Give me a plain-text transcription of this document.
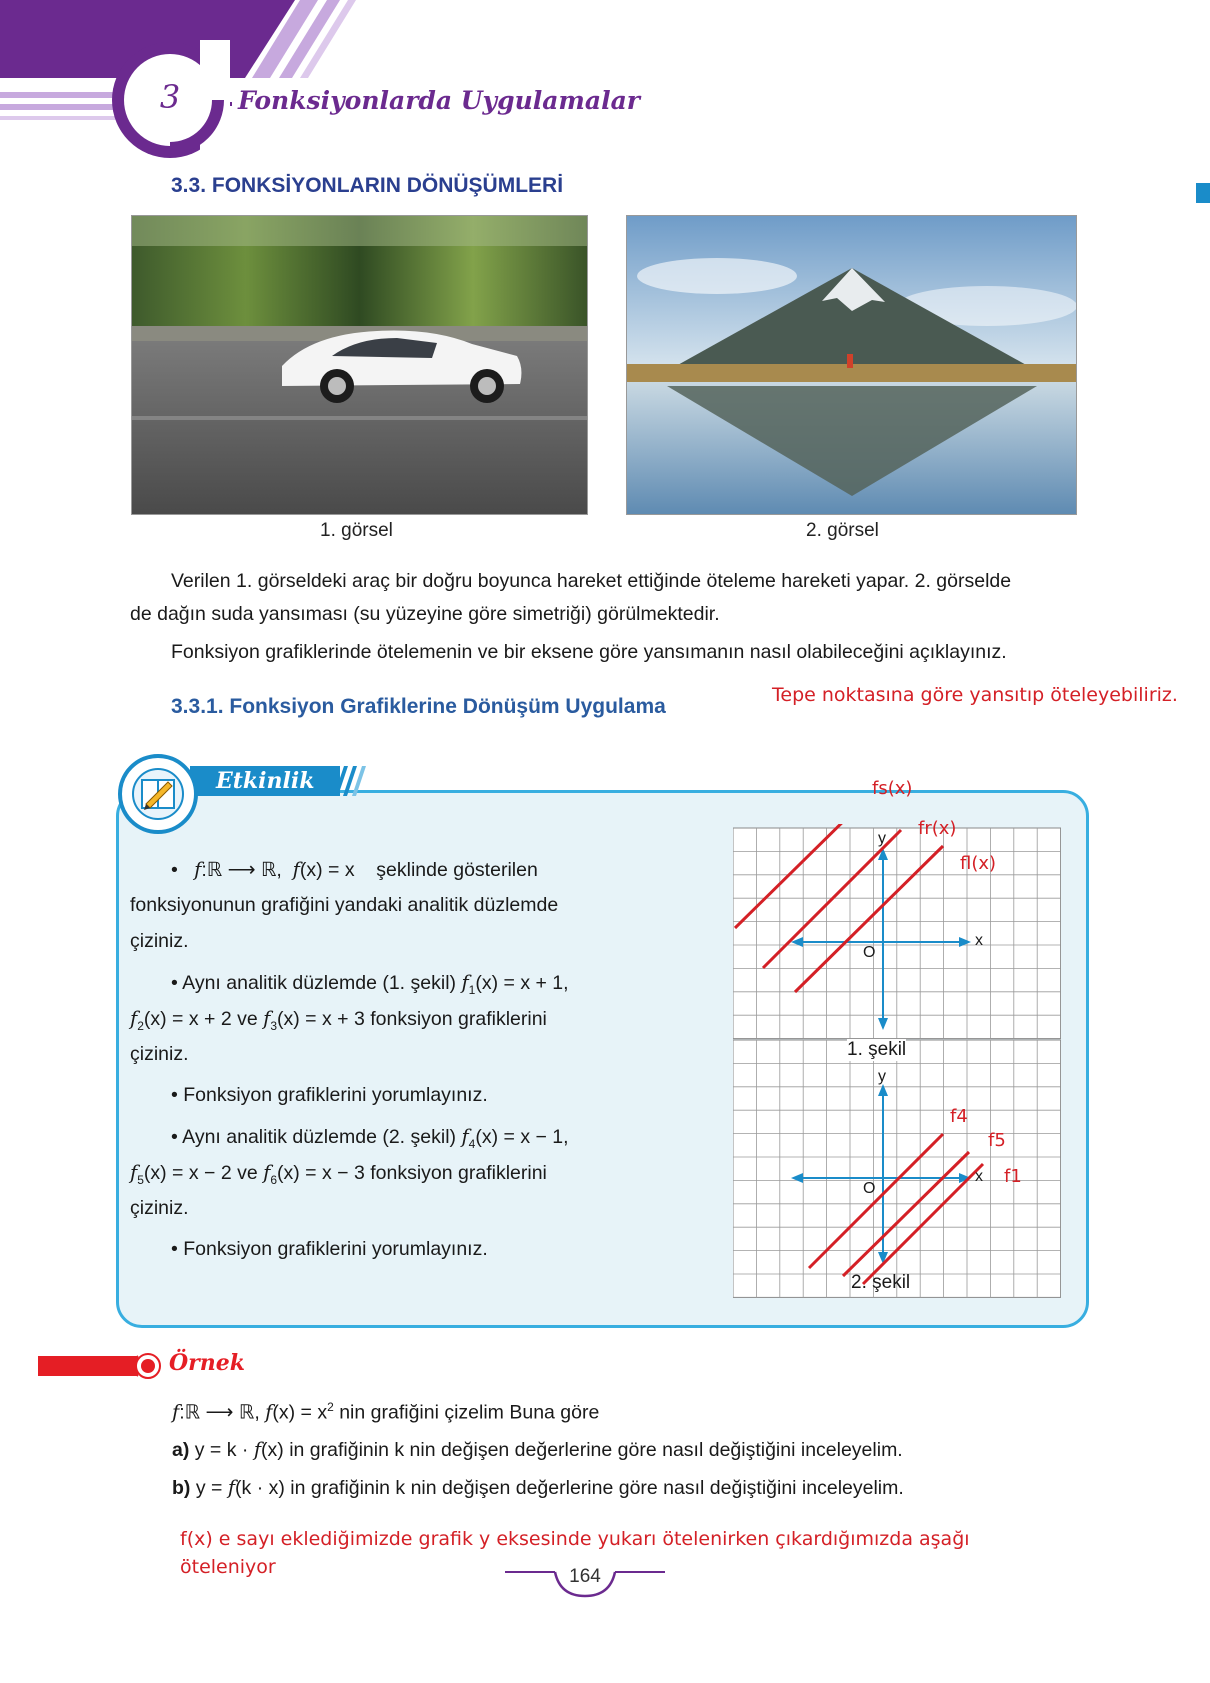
3	Fonksiyonlarda Uygulamalar
3.3. FONKSİYONLARIN DÖNÜŞÜMLERİ
1. görsel	2. görsel
Verilen 1. görseldeki araç bir doğru boyunca hareket ettiğinde öteleme hareketi yapar. 2. görselde
de dağın suda yansıması (su yüzeyine göre simetriği) görülmektedir.
Fonksiyon grafiklerinde ötelemenin ve bir eksene göre yansımanın nasıl olabileceğini açıklayınız.
Tepe noktasına göre yansıtıp öteleyebiliriz.
3.3.1. Fonksiyon Grafiklerine Dönüşüm Uygulama
Etkinlik
• f:ℝ ⟶ ℝ, f(x) = x şeklinde gösterilen
fonksiyonunun grafiğini yandaki analitik düzlemde
çiziniz.
• Aynı analitik düzlemde (1. şekil) $f_1(x) = x + 1$,
$f_2(x) = x + 2$ ve $f_3(x) = x + 3$ fonksiyon grafiklerini
çiziniz.
• Fonksiyon grafiklerini yorumlayınız.
• Aynı analitik düzlemde (2. şekil) $f_4(x) = x - 1$,
$f_5(x) = x - 2$ ve $f_6(x) = x - 3$ fonksiyon grafiklerini
çiziniz.
• Fonksiyon grafiklerini yorumlayınız.
y
x
O
1. şekil
y
x
O
2. şekil
fs(x)
fr(x)
fl(x)
f4
f5
f1
Örnek
f:ℝ ⟶ ℝ, $f(x) = x^2$ nin grafiğini çizelim Buna göre
a) y = k · f(x) in grafiğinin k nin değişen değerlerine göre nasıl değiştiğini inceleyelim.
b) y = f(k · x) in grafiğinin k nin değişen değerlerine göre nasıl değiştiğini inceleyelim.
f(x) e sayı eklediğimizde grafik y eksesinde yukarı ötelenirken çıkardığımızda aşağı
öteleniyor	164
